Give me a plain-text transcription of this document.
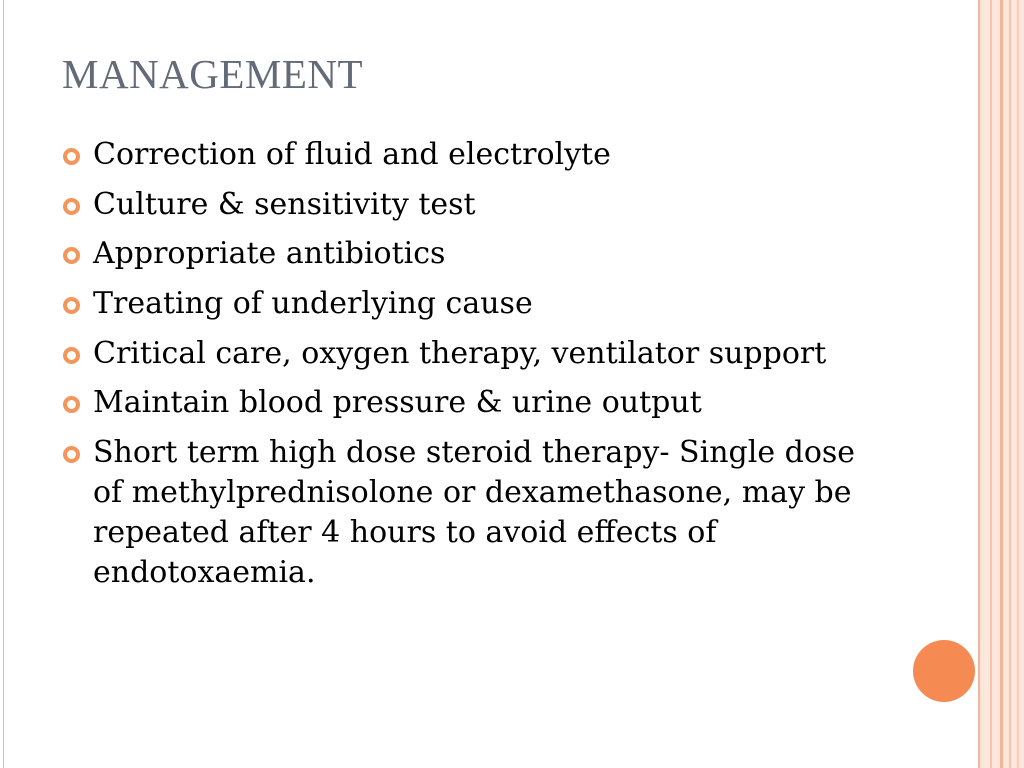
MANAGEMENT
Correction of fluid and electrolyte
Culture & sensitivity test
Appropriate antibiotics
Treating of underlying cause
Critical care, oxygen therapy, ventilator support
Maintain blood pressure & urine output
Short term high dose steroid therapy- Single dose of methylprednisolone or dexamethasone, may be repeated after 4 hours to avoid effects of endotoxaemia.
